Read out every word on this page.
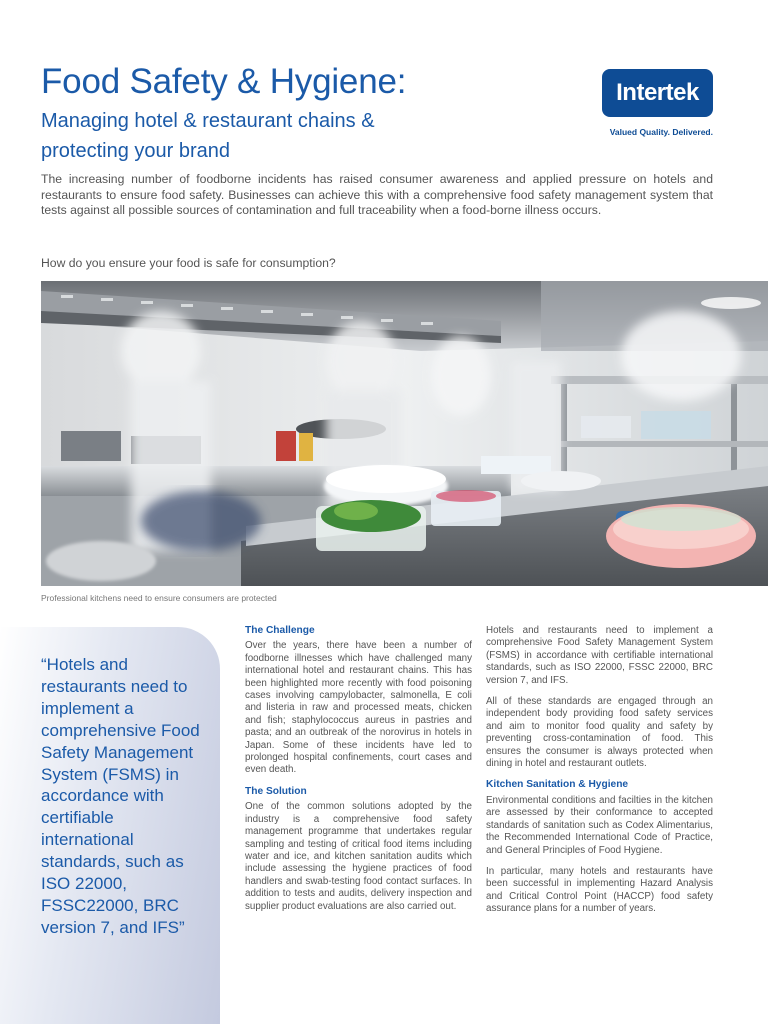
Food Safety & Hygiene:
Managing hotel & restaurant chains & protecting your brand
Intertek
Valued Quality. Delivered.

The increasing number of foodborne incidents has raised consumer awareness and applied pressure on hotels and restaurants to ensure food safety. Businesses can achieve this with a comprehensive food safety management system that tests against all possible sources of contamination and full traceability when a food-borne illness occurs.

How do you ensure your food is safe for consumption?

Professional kitchens need to ensure consumers are protected

“Hotels and restaurants need to implement a comprehensive Food Safety Management System (FSMS) in accordance with certifiable international standards, such as ISO 22000, FSSC22000, BRC version 7, and IFS”

The Challenge

Over the years, there have been a number of foodborne illnesses which have challenged many international hotel and restaurant chains. This has been highlighted more recently with food poisoning cases involving campylobacter, salmonella, E coli and listeria in raw and processed meats, chicken and fish; staphylococcus aureus in pastries and pasta; and an outbreak of the norovirus in hotels in Japan. Some of these incidents have led to prolonged hospital confinements, court cases and even death.

The Solution

One of the common solutions adopted by the industry is a comprehensive food safety management programme that undertakes regular sampling and testing of critical food items including water and ice, and kitchen sanitation audits which include assessing the hygiene practices of food handlers and swab-testing food contact surfaces. In addition to tests and audits, delivery inspection and supplier product evaluations are also carried out.

Hotels and restaurants need to implement a comprehensive Food Safety Management System (FSMS) in accordance with certifiable international standards, such as ISO 22000, FSSC 22000, BRC version 7, and IFS.

All of these standards are engaged through an independent body providing food safety services and aim to monitor food quality and safety by preventing cross-contamination of food. This ensures the consumer is always protected when dining in hotel and restaurant outlets.

Kitchen Sanitation & Hygiene

Environmental conditions and facilties in the kitchen are assessed by their conformance to accepted standards of sanitation such as Codex Alimentarius, the Recommended International Code of Practice, and General Principles of Food Hygiene.

In particular, many hotels and restaurants have been successful in implementing Hazard Analysis and Critical Control Point (HACCP) food safety assurance plans for a number of years.
